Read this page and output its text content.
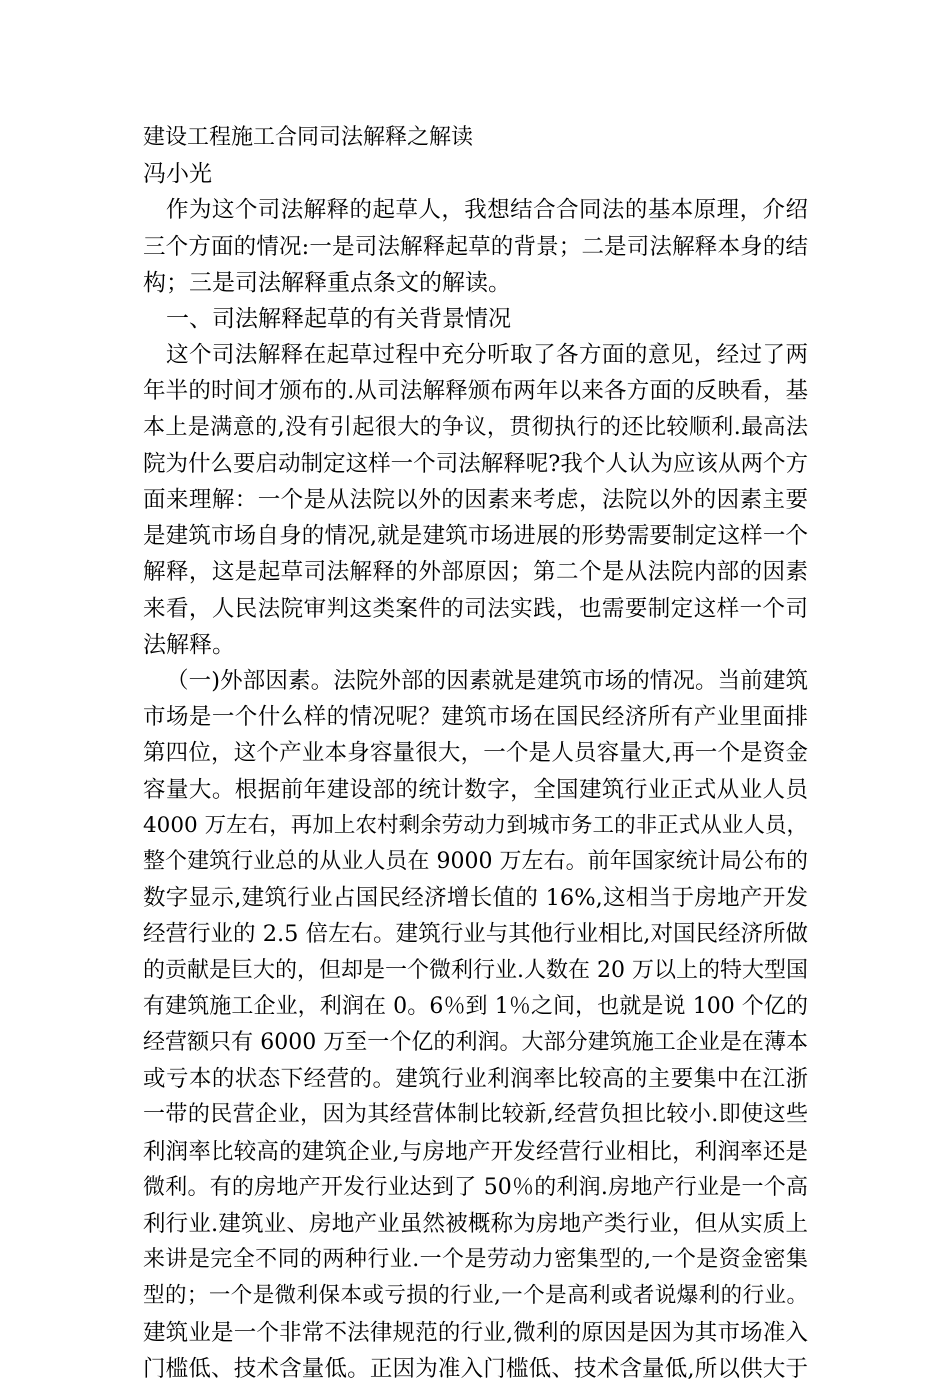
建设工程施工合同司法解释之解读
冯小光
作为这个司法解释的起草人，我想结合合同法的基本原理，介绍
三个方面的情况:一是司法解释起草的背景；二是司法解释本身的结
构；三是司法解释重点条文的解读。
一、司法解释起草的有关背景情况
这个司法解释在起草过程中充分听取了各方面的意见，经过了两
年半的时间才颁布的.从司法解释颁布两年以来各方面的反映看，基
本上是满意的,没有引起很大的争议，贯彻执行的还比较顺利.最高法
院为什么要启动制定这样一个司法解释呢?我个人认为应该从两个方
面来理解：一个是从法院以外的因素来考虑，法院以外的因素主要
是建筑市场自身的情况,就是建筑市场进展的形势需要制定这样一个
解释，这是起草司法解释的外部原因；第二个是从法院内部的因素
来看，人民法院审判这类案件的司法实践，也需要制定这样一个司
法解释。
（一)外部因素。法院外部的因素就是建筑市场的情况。当前建筑
市场是一个什么样的情况呢？建筑市场在国民经济所有产业里面排
第四位，这个产业本身容量很大，一个是人员容量大,再一个是资金
容量大。根据前年建设部的统计数字，全国建筑行业正式从业人员
4000 万左右，再加上农村剩余劳动力到城市务工的非正式从业人员，
整个建筑行业总的从业人员在 9000 万左右。前年国家统计局公布的
数字显示,建筑行业占国民经济增长值的 16%,这相当于房地产开发
经营行业的 2.5 倍左右。建筑行业与其他行业相比,对国民经济所做
的贡献是巨大的，但却是一个微利行业.人数在 20 万以上的特大型国
有建筑施工企业，利润在 0。6％到 1％之间，也就是说 100 个亿的
经营额只有 6000 万至一个亿的利润。大部分建筑施工企业是在薄本
或亏本的状态下经营的。建筑行业利润率比较高的主要集中在江浙
一带的民营企业，因为其经营体制比较新,经营负担比较小.即使这些
利润率比较高的建筑企业,与房地产开发经营行业相比，利润率还是
微利。有的房地产开发行业达到了 50％的利润.房地产行业是一个高
利行业.建筑业、房地产业虽然被概称为房地产类行业，但从实质上
来讲是完全不同的两种行业.一个是劳动力密集型的,一个是资金密集
型的；一个是微利保本或亏损的行业,一个是高利或者说爆利的行业。
建筑业是一个非常不法律规范的行业,微利的原因是因为其市场准入
门槛低、技术含量低。正因为准入门槛低、技术含量低,所以供大于
